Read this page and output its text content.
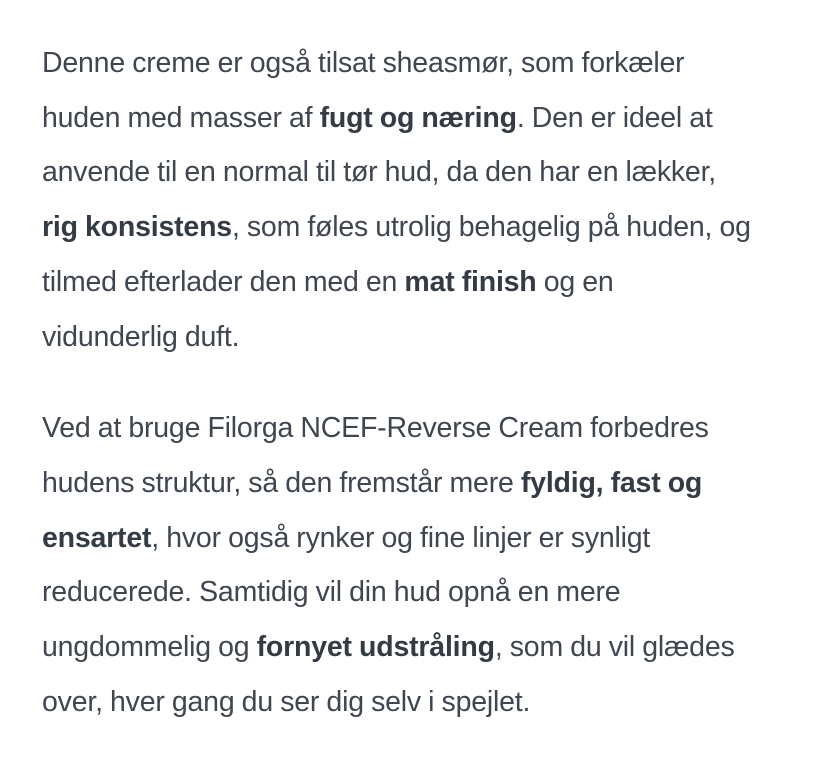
Denne creme er også tilsat sheasmør, som forkæler
huden med masser af fugt og næring. Den er ideel at
anvende til en normal til tør hud, da den har en lækker,
rig konsistens, som føles utrolig behagelig på huden, og
tilmed efterlader den med en mat finish og en
vidunderlig duft.

Ved at bruge Filorga NCEF-Reverse Cream forbedres
hudens struktur, så den fremstår mere fyldig, fast og
ensartet, hvor også rynker og fine linjer er synligt
reducerede. Samtidig vil din hud opnå en mere
ungdommelig og fornyet udstråling, som du vil glædes
over, hver gang du ser dig selv i spejlet.
